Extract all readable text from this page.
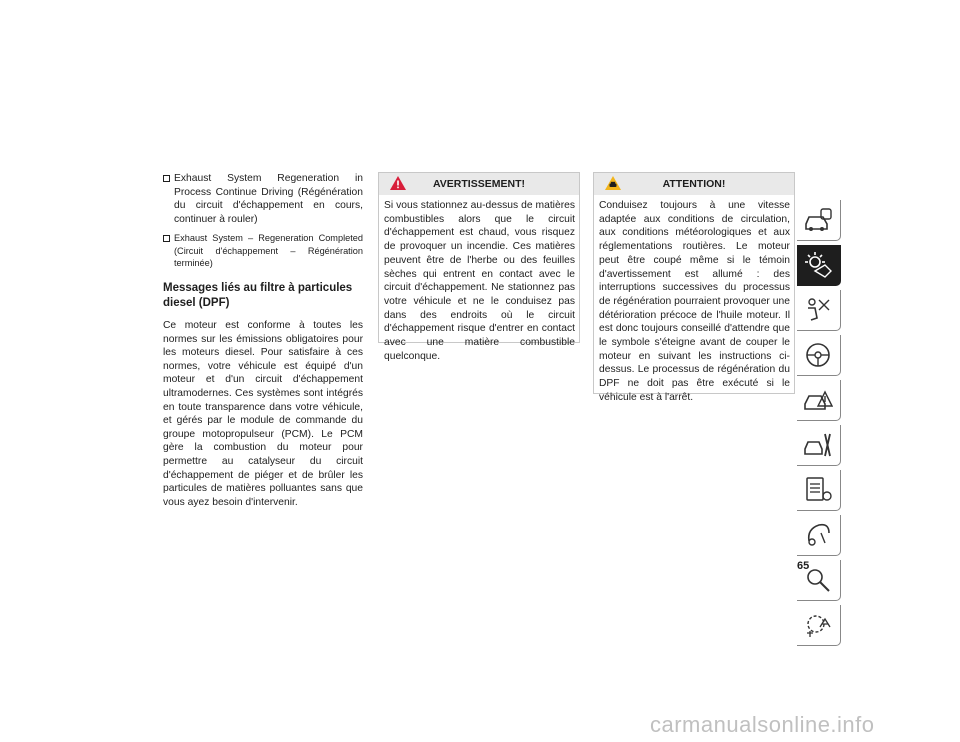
Exhaust System Regeneration in Process Continue Driving (Régénération du circuit d'échappement en cours, continuer à rouler)
Exhaust System – Regeneration Completed (Circuit d'échappement – Régénération terminée)
Messages liés au filtre à particules diesel (DPF)

Ce moteur est conforme à toutes les normes sur les émissions obligatoires pour les moteurs diesel. Pour satisfaire à ces normes, votre véhicule est équipé d'un moteur et d'un circuit d'échappement ultramodernes. Ces systèmes sont intégrés en toute transparence dans votre véhicule, et gérés par le module de commande du groupe motopropulseur (PCM). Le PCM gère la combustion du moteur pour permettre au catalyseur du circuit d'échappement de piéger et de brûler les particules de matières polluantes sans que vous ayez besoin d'intervenir.

AVERTISSEMENT!
Si vous stationnez au-dessus de matières combustibles alors que le circuit d'échappement est chaud, vous risquez de provoquer un incendie. Ces matières peuvent être de l'herbe ou des feuilles sèches qui entrent en contact avec le circuit d'échappement. Ne stationnez pas votre véhicule et ne le conduisez pas dans des endroits où le circuit d'échappement risque d'entrer en contact avec une matière combustible quelconque.
ATTENTION!
Conduisez toujours à une vitesse adaptée aux conditions de circulation, aux conditions météorologiques et aux réglementations routières. Le moteur peut être coupé même si le témoin d'avertissement est allumé : des interruptions successives du processus de régénération pourraient provoquer une détérioration précoce de l'huile moteur. Il est donc toujours conseillé d'attendre que le symbole s'éteigne avant de couper le moteur en suivant les instructions ci-dessus. Le processus de régénération du DPF ne doit pas être exécuté si le véhicule est à l'arrêt.
65
carmanualsonline.info
